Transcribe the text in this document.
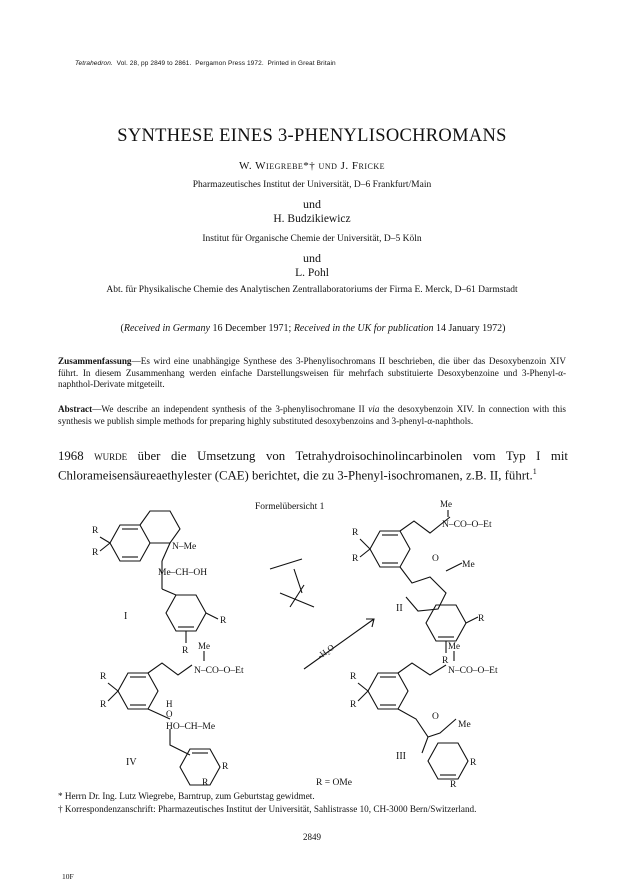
Tetrahedron. Vol. 28, pp 2849 to 2861. Pergamon Press 1972. Printed in Great Britain
SYNTHESE EINES 3-PHENYLISOCHROMANS
W. Wiegrebe*† und J. Fricke
Pharmazeutisches Institut der Universität, D–6 Frankfurt/Main
und
H. Budzikiewicz
Institut für Organische Chemie der Universität, D–5 Köln
und
L. Pohl
Abt. für Physikalische Chemie des Analytischen Zentrallaboratoriums der Firma E. Merck, D–61 Darmstadt
(Received in Germany 16 December 1971; Received in the UK for publication 14 January 1972)
Zusammenfassung—Es wird eine unabhängige Synthese des 3-Phenylisochromans II beschrieben, die über das Desoxybenzoin XIV führt. In diesem Zusammenhang werden einfache Darstellungsweisen für mehrfach substituierte Desoxybenzoine und 3-Phenyl-α-naphthol-Derivate mitgeteilt.
Abstract—We describe an independent synthesis of the 3-phenylisochromane II via the desoxybenzoin XIV. In connection with this synthesis we publish simple methods for preparing highly substituted desoxybenzoins and 3-phenyl-α-naphthols.
1968 wurde über die Umsetzung von Tetrahydroisochinolincarbinolen vom Typ I mit Chlorameisensäureaethylester (CAE) berichtet, die zu 3-Phenyl-isochromanen, z.B. II, führt.$^1$
Formelübersicht 1
R
R
N–Me
Me–CH–OH
R
R
I
R
R
Me
N–CO–O–Et
O
Me
R
R
II
-H₂O
R
R
Me
N–CO–O–Et
H
O
HO–CH–Me
R
IV
R	R = OMe
R
R
Me
N–CO–O–Et
O
Me
R
III
R
* Herrn Dr. Ing. Lutz Wiegrebe, Barntrup, zum Geburtstag gewidmet.
† Korrespondenzanschrift: Pharmazeutisches Institut der Universität, Sahlistrasse 10, CH-3000 Bern/Switzerland.
2849
10F
